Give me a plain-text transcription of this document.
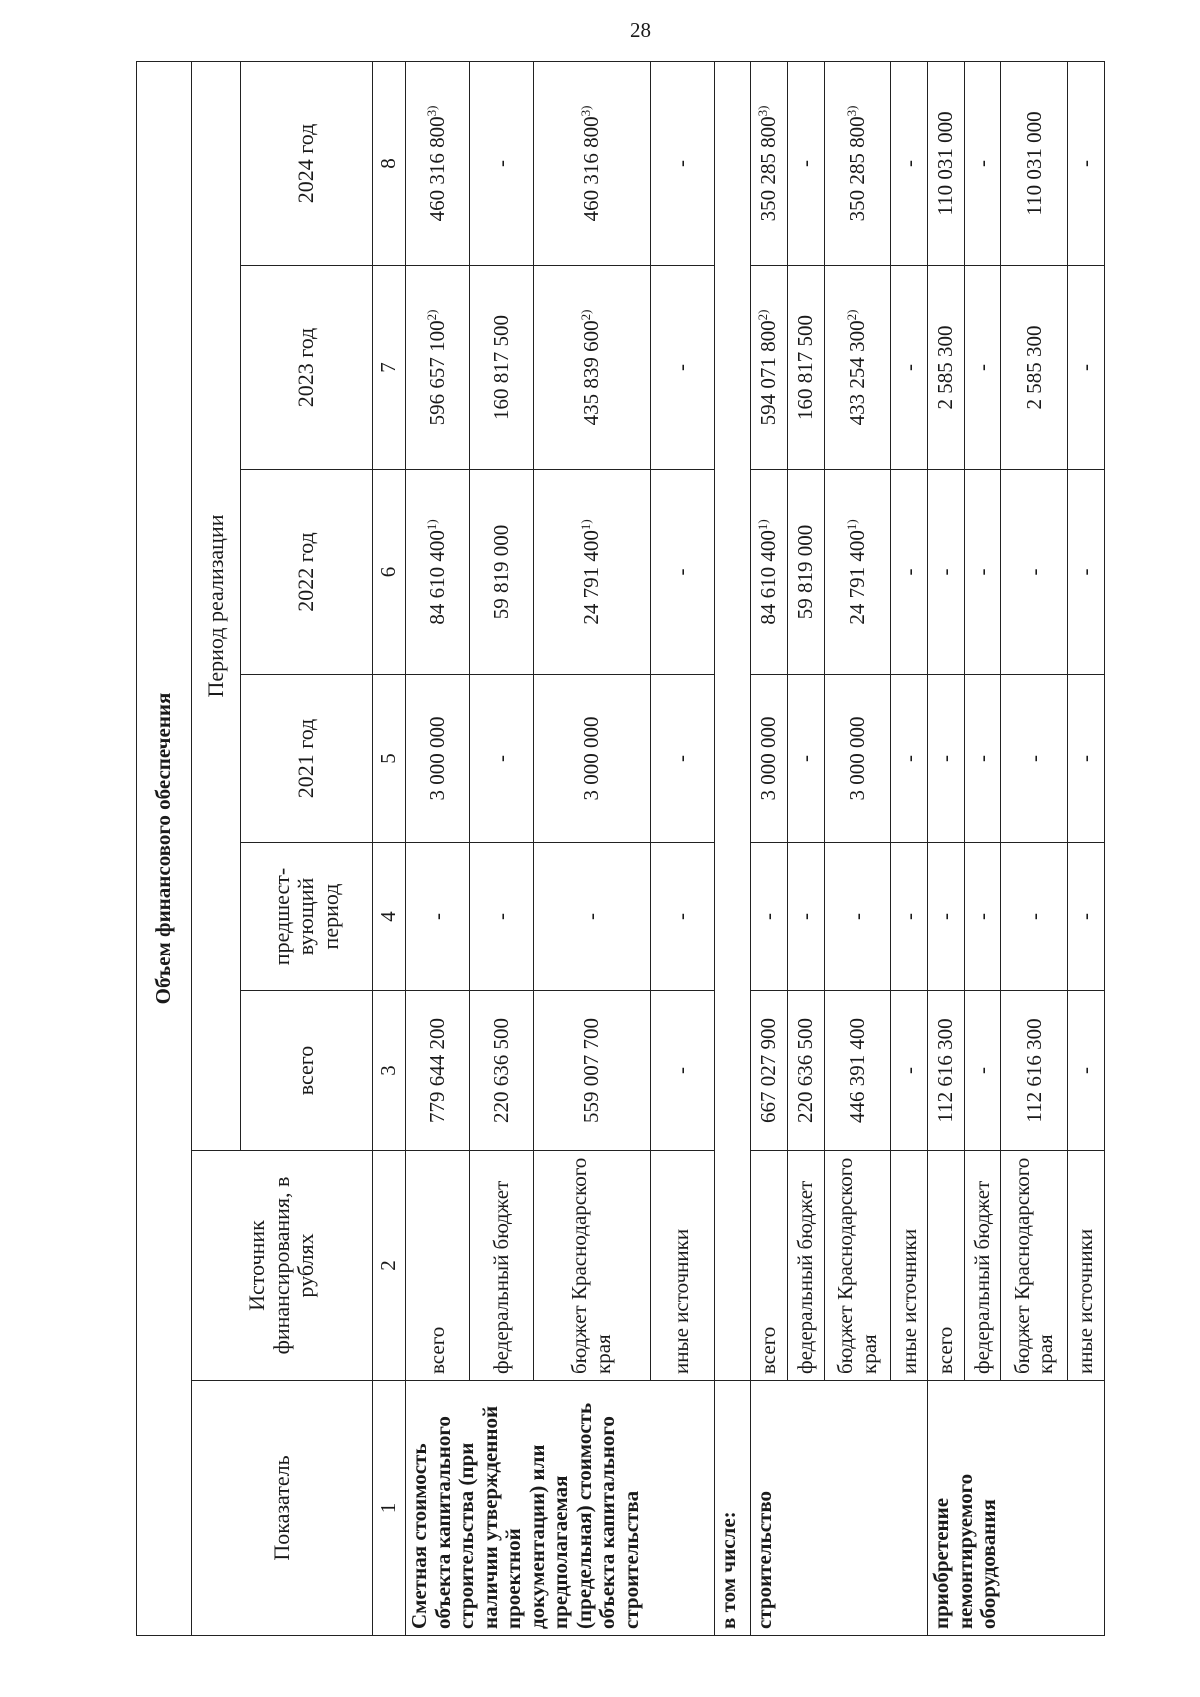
28
Объем финансового обеспечения							
Показатель	Источник финансирования, в рублях	Период реализации					
		всего	предшест-вующий период	2021 год	2022 год	2023 год	2024 год
1	2	3	4	5	6	7	8
Сметная стоимость объекта капитального строительства (при наличии утвержденной проектной документации) или предполагаемая (предельная) стоимость объекта капитального строительства	всего	779 644 200	-	3 000 000	84 610 400$^{1)}$	596 657 100$^{2)}$	460 316 800$^{3)}$
	федеральный бюджет	220 636 500	-	-	59 819 000	160 817 500	-
	бюджет Краснодарского края	559 007 700	-	3 000 000	24 791 400$^{1)}$	435 839 600$^{2)}$	460 316 800$^{3)}$
	иные источники	-	-	-	-	-	-
в том числе:							
строительство	всего	667 027 900	-	3 000 000	84 610 400$^{1)}$	594 071 800$^{2)}$	350 285 800$^{3)}$
	федеральный бюджет	220 636 500	-	-	59 819 000	160 817 500	-
	бюджет Краснодарского края	446 391 400	-	3 000 000	24 791 400$^{1)}$	433 254 300$^{2)}$	350 285 800$^{3)}$
	иные источники	-	-	-	-	-	-
приобретение немонтируемого оборудования	всего	112 616 300	-	-	-	2 585 300	110 031 000
	федеральный бюджет	-	-	-	-	-	-
	бюджет Краснодарского края	112 616 300	-	-	-	2 585 300	110 031 000
	иные источники	-	-	-	-	-	-
